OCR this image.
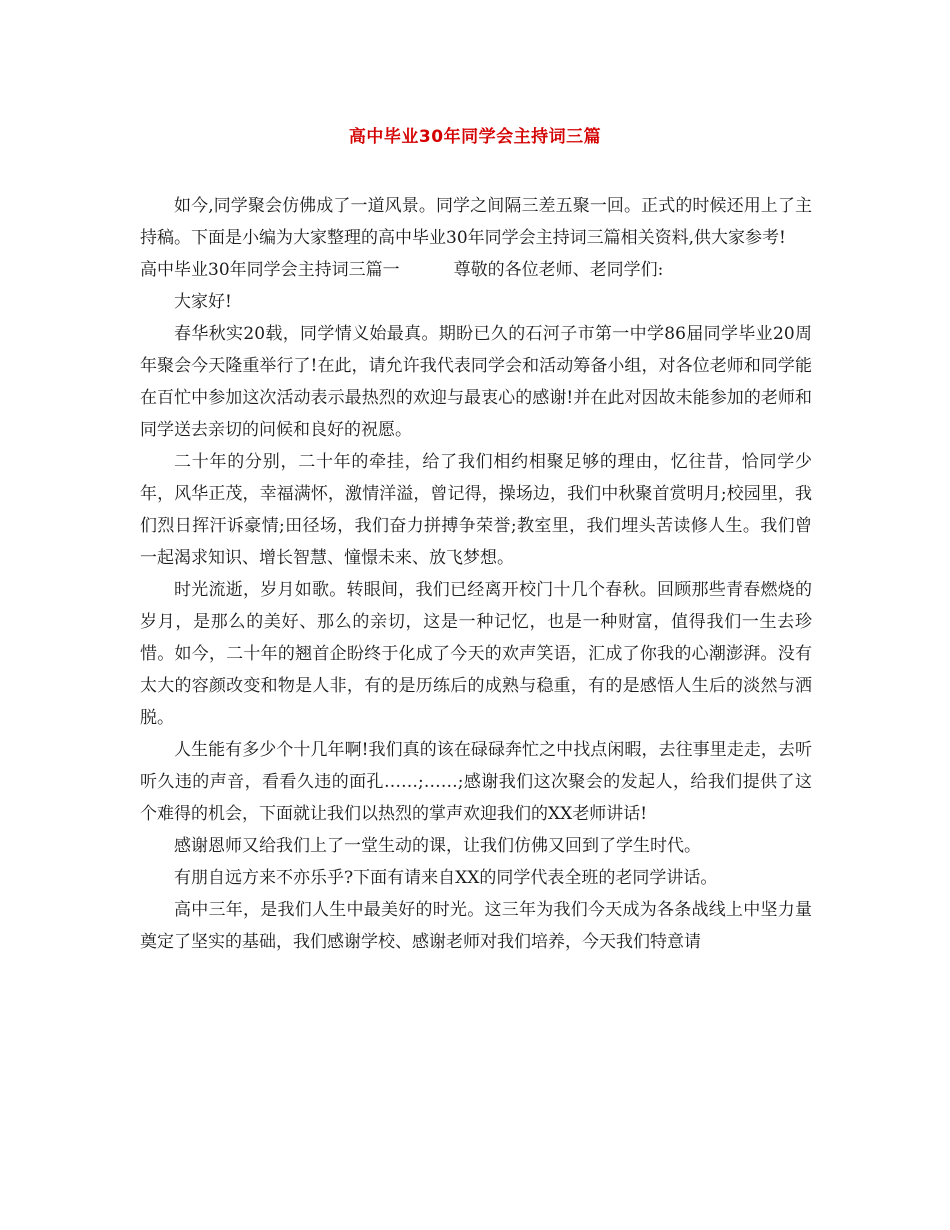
高中毕业30年同学会主持词三篇

如今,同学聚会仿佛成了一道风景。同学之间隔三差五聚一回。正式的时候还用上了主持稿。下面是小编为大家整理的高中毕业30年同学会主持词三篇相关资料,供大家参考!

高中毕业30年同学会主持词三篇一	尊敬的各位老师、老同学们:

大家好!

春华秋实20载，同学情义始最真。期盼已久的石河子市第一中学86届同学毕业20周年聚会今天隆重举行了!在此，请允许我代表同学会和活动筹备小组，对各位老师和同学能在百忙中参加这次活动表示最热烈的欢迎与最衷心的感谢!并在此对因故未能参加的老师和同学送去亲切的问候和良好的祝愿。

二十年的分别，二十年的牵挂，给了我们相约相聚足够的理由，忆往昔，恰同学少年，风华正茂，幸福满怀，激情洋溢，曾记得，操场边，我们中秋聚首赏明月;校园里，我们烈日挥汗诉豪情;田径场，我们奋力拼搏争荣誉;教室里，我们埋头苦读修人生。我们曾一起渴求知识、增长智慧、憧憬未来、放飞梦想。

时光流逝，岁月如歌。转眼间，我们已经离开校门十几个春秋。回顾那些青春燃烧的岁月，是那么的美好、那么的亲切，这是一种记忆，也是一种财富，值得我们一生去珍惜。如今，二十年的翘首企盼终于化成了今天的欢声笑语，汇成了你我的心潮澎湃。没有太大的容颜改变和物是人非，有的是历练后的成熟与稳重，有的是感悟人生后的淡然与洒脱。

人生能有多少个十几年啊!我们真的该在碌碌奔忙之中找点闲暇，去往事里走走，去听听久违的声音，看看久违的面孔……;……;感谢我们这次聚会的发起人，给我们提供了这个难得的机会，下面就让我们以热烈的掌声欢迎我们的XX老师讲话!

感谢恩师又给我们上了一堂生动的课，让我们仿佛又回到了学生时代。

有朋自远方来不亦乐乎?下面有请来自XX的同学代表全班的老同学讲话。

高中三年，是我们人生中最美好的时光。这三年为我们今天成为各条战线上中坚力量奠定了坚实的基础，我们感谢学校、感谢老师对我们培养，今天我们特意请
